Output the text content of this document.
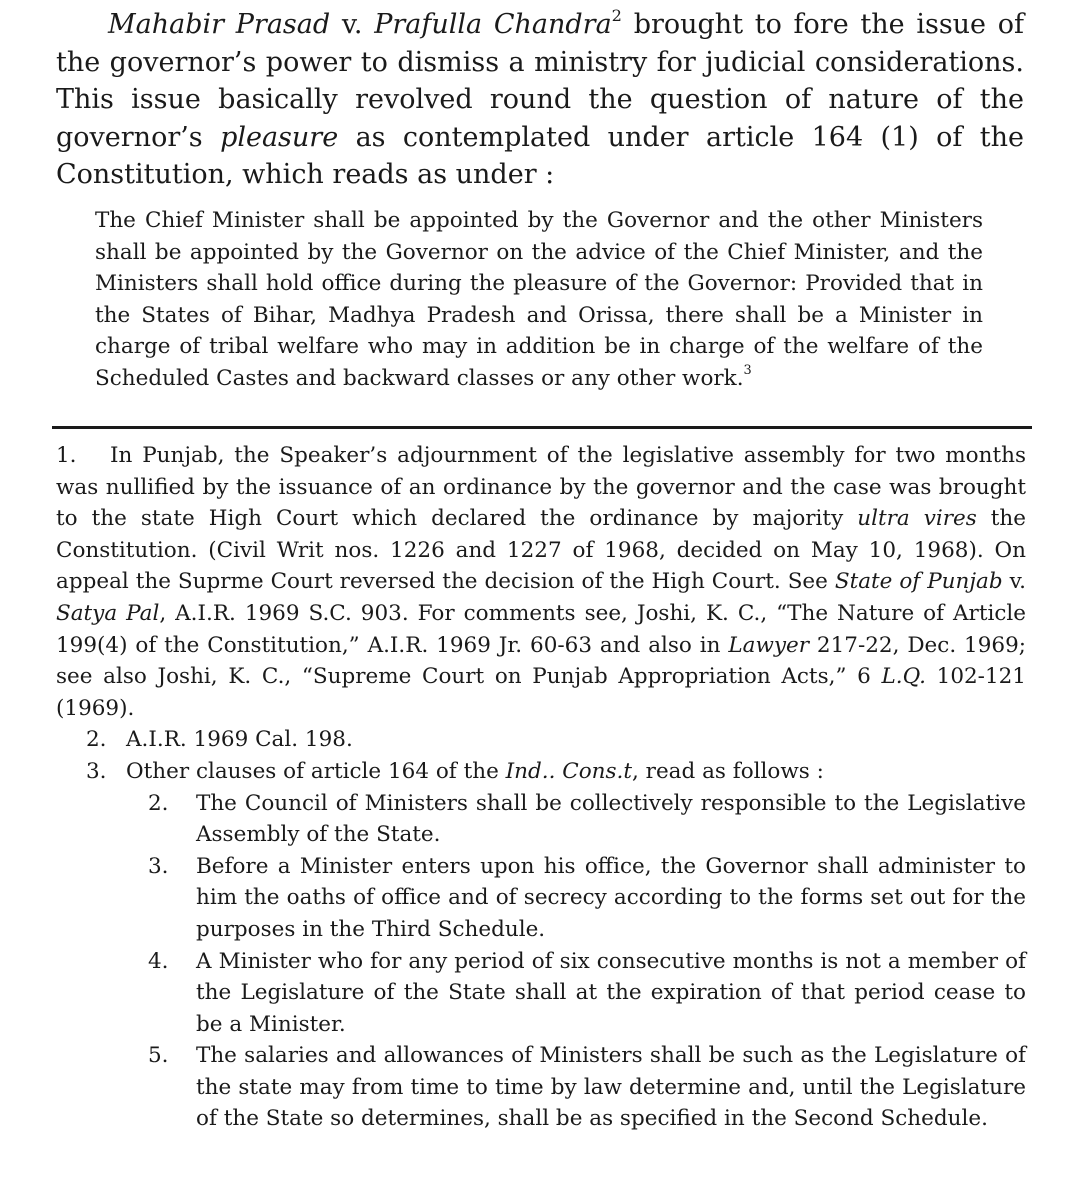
Mahabir Prasad v. Prafulla Chandra$^2$ brought to fore the issue of the governor’s power to dismiss a ministry for judicial considerations. This issue basically revolved round the question of nature of the governor’s pleasure as contemplated under article 164 (1) of the Constitution, which reads as under :

The Chief Minister shall be appointed by the Governor and the other Ministers shall be appointed by the Governor on the advice of the Chief Minister, and the Ministers shall hold office during the pleasure of the Governor: Provided that in the States of Bihar, Madhya Pradesh and Orissa, there shall be a Minister in charge of tribal welfare who may in addition be in charge of the welfare of the Scheduled Castes and backward classes or any other work.$^3$

1. In Punjab, the Speaker’s adjournment of the legislative assembly for two months was nullified by the issuance of an ordinance by the governor and the case was brought to the state High Court which declared the ordinance by majority ultra vires the Constitution. (Civil Writ nos. 1226 and 1227 of 1968, decided on May 10, 1968). On appeal the Suprme Court reversed the decision of the High Court. See State of Punjab v. Satya Pal, A.I.R. 1969 S.C. 903. For comments see, Joshi, K. C., “The Nature of Article 199(4) of the Constitution,” A.I.R. 1969 Jr. 60-63 and also in Lawyer 217-22, Dec. 1969; see also Joshi, K. C., “Supreme Court on Punjab Appropriation Acts,” 6 L.Q. 102-121 (1969).

2. A.I.R. 1969 Cal. 198.

3. Other clauses of article 164 of the Ind.. Cons.t, read as follows :

2.	The Council of Ministers shall be collectively responsible to the Legislative Assembly of the State.
3.	Before a Minister enters upon his office, the Governor shall administer to him the oaths of office and of secrecy according to the forms set out for the purposes in the Third Schedule.
4.	A Minister who for any period of six consecutive months is not a member of the Legislature of the State shall at the expiration of that period cease to be a Minister.
5.	The salaries and allowances of Ministers shall be such as the Legislature of the state may from time to time by law determine and, until the Legislature of the State so determines, shall be as specified in the Second Schedule.
